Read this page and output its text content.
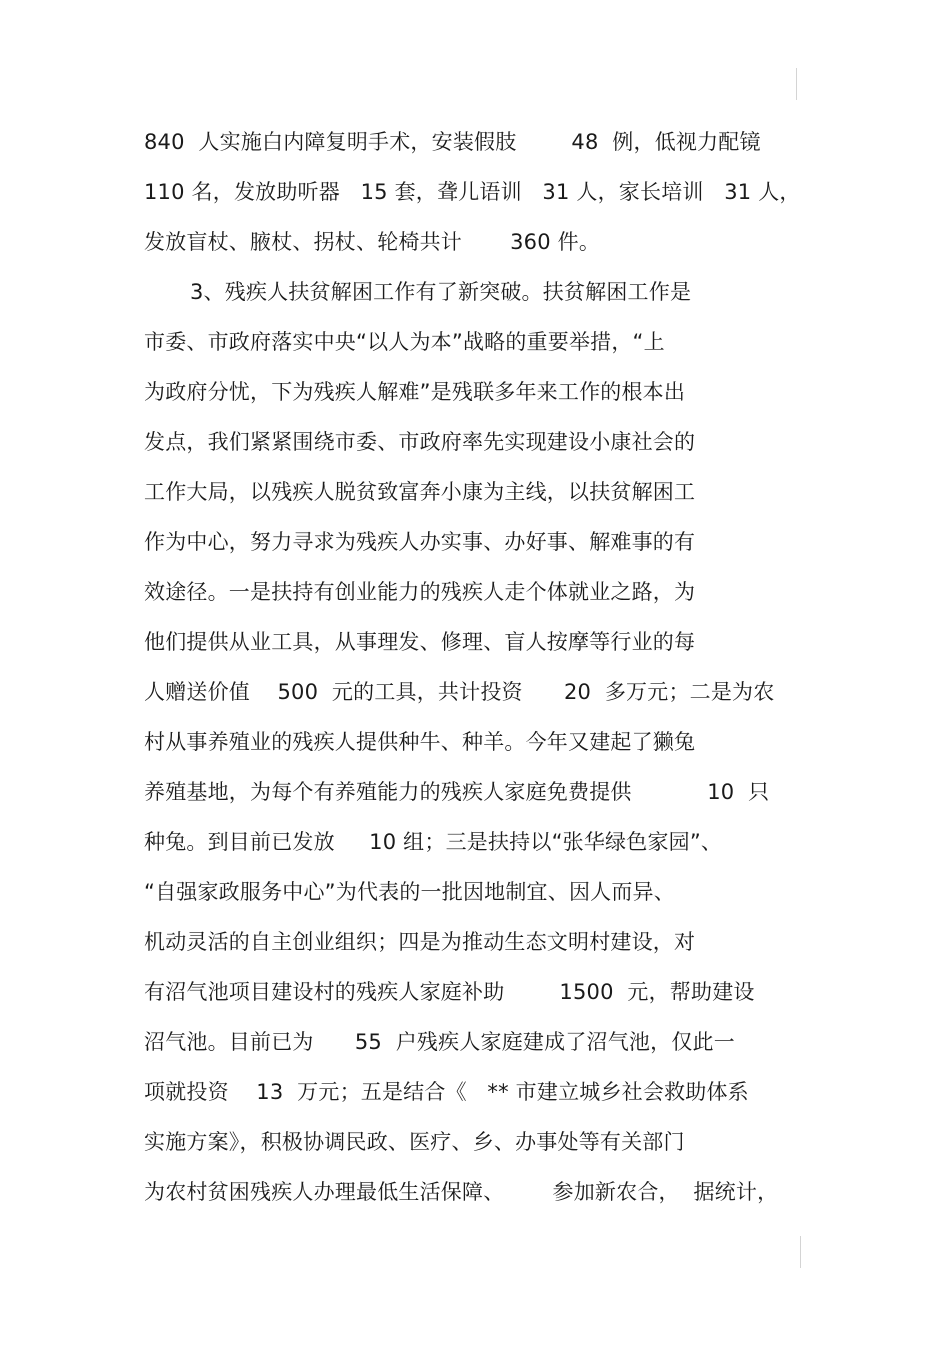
840  人实施白内障复明手术，安装假肢        48  例，低视力配镜
110 名，发放助听器   15 套，聋儿语训   31 人，家长培训   31 人，
发放盲杖、腋杖、拐杖、轮椅共计       360 件。
3、残疾人扶贫解困工作有了新突破。扶贫解困工作是
市委、市政府落实中央“以人为本”战略的重要举措，“上
为政府分忧，下为残疾人解难”是残联多年来工作的根本出
发点，我们紧紧围绕市委、市政府率先实现建设小康社会的
工作大局，以残疾人脱贫致富奔小康为主线，以扶贫解困工
作为中心，努力寻求为残疾人办实事、办好事、解难事的有
效途径。一是扶持有创业能力的残疾人走个体就业之路，为
他们提供从业工具，从事理发、修理、盲人按摩等行业的每
人赠送价值    500  元的工具，共计投资      20  多万元；二是为农
村从事养殖业的残疾人提供种牛、种羊。今年又建起了獭兔
养殖基地，为每个有养殖能力的残疾人家庭免费提供           10  只
种兔。到目前已发放     10 组；三是扶持以“张华绿色家园”、
“自强家政服务中心”为代表的一批因地制宜、因人而异、
机动灵活的自主创业组织；四是为推动生态文明村建设，对
有沼气池项目建设村的残疾人家庭补助        1500  元，帮助建设
沼气池。目前已为      55  户残疾人家庭建成了沼气池，仅此一
项就投资    13  万元；五是结合《   ** 市建立城乡社会救助体系
实施方案》，积极协调民政、医疗、乡、办事处等有关部门
为农村贫困残疾人办理最低生活保障、       参加新农合，  据统计，
